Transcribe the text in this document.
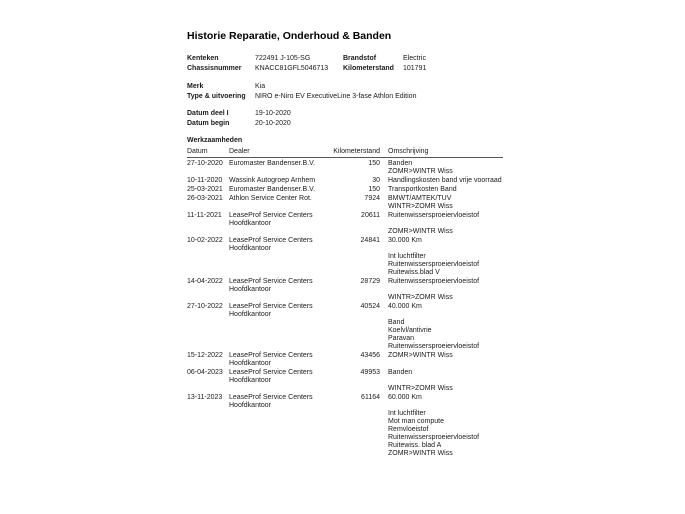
Historie Reparatie, Onderhoud & Banden
Kenteken	722491 J-105-SG	Brandstof	Electric
Chassisnummer	KNACC81GFL5046713	Kilometerstand	101791
Merk	Kia
Type & uitvoering	NIRO e-Niro EV ExecutiveLine 3-fase Athlon Edition
Datum deel I	19-10-2020
Datum begin	20-10-2020
Werkzaamheden
Datum	Dealer	Kilometerstand	Omschrijving
27-10-2020 Euromaster Bandenser.B.V.	150 Banden
ZOMR>WINTR Wiss
10-11-2020 Wassink Autogroep Arnhem	30 Handlingskosten band vrije voorraad
25-03-2021 Euromaster Bandenser.B.V.	150 Transportkosten Band
26-03-2021 Athlon Service Center Rot.	7924 BMWT/AMTEK/TUV
WINTR>ZOMR Wiss
11-11-2021	LeaseProf Service Centers
Hoofdkantoor
20611 Ruitenwissersproeiervloeistof

ZOMR>WINTR Wiss
10-02-2022 LeaseProf Service Centers
Hoofdkantoor
24841 30.000 Km

Int luchtfilter
Ruitenwissersproeiervloeistof
Ruitewiss.blad V
14-04-2022 LeaseProf Service Centers
Hoofdkantoor
28729 Ruitenwissersproeiervloeistof

WINTR>ZOMR Wiss
27-10-2022 LeaseProf Service Centers
Hoofdkantoor
40524 40.000 Km

Band
Koelvl/antivrie
Paravan
Ruitenwissersproeiervloeistof
15-12-2022 LeaseProf Service Centers
Hoofdkantoor
43456 ZOMR>WINTR Wiss
06-04-2023 LeaseProf Service Centers
Hoofdkantoor
49953 Banden

WINTR>ZOMR Wiss
13-11-2023 LeaseProf Service Centers
Hoofdkantoor
61164 60.000 Km

Int luchtfilter
Mot man compute
Remvloeistof
Ruitenwissersproeiervloeistof
Ruitewiss. blad A
ZOMR>WINTR Wiss
